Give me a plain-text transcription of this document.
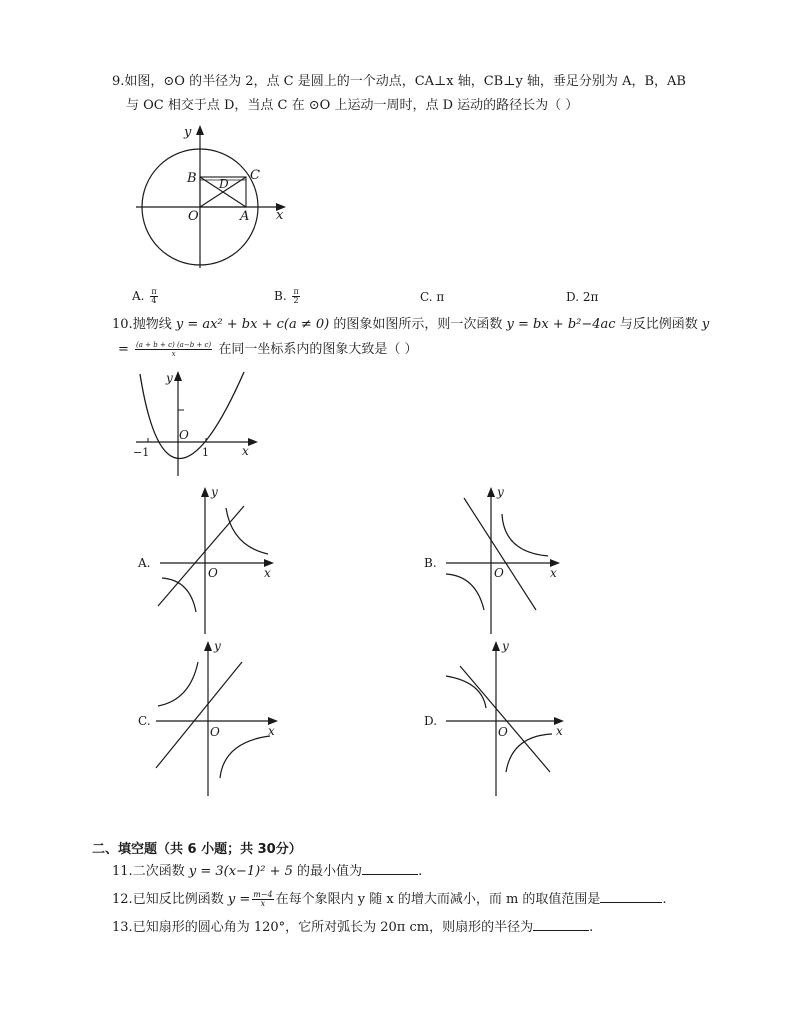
9.如图，⊙O 的半径为 2，点 C 是圆上的一个动点，CA⊥x 轴，CB⊥y 轴，垂足分别为 A，B，AB
与 OC 相交于点 D，当点 C 在 ⊙O 上运动一周时，点 D 运动的路径长为（ ）
y
x
B	C
D
O	A
A. $\frac{\pi}{4}$	B. $\frac{\pi}{2}$	C. π	D. 2π
10.抛物线 y = ax² + bx + c(a ≠ 0) 的图象如图所示，则一次函数 y = bx + b²−4ac 与反比例函数 y
= $\frac{(a + b + c) (a-b + c)}{x}$ 在同一坐标系内的图象大致是（ ）
y
O
x
−1	1
A.
y
O	x
B.
y
O	x
C.
y
O	x
D.
y
O	x
二、填空题（共 6 小题；共 30分）
11.二次函数 y = 3(x−1)² + 5 的最小值为	.
12.已知反比例函数 $y = \frac{m-4}{x}$ 在每个象限内 y 随 x 的增大而减小，而 m 的取值范围是	.
13.已知扇形的圆心角为 120°，它所对弧长为 20π cm，则扇形的半径为	.
